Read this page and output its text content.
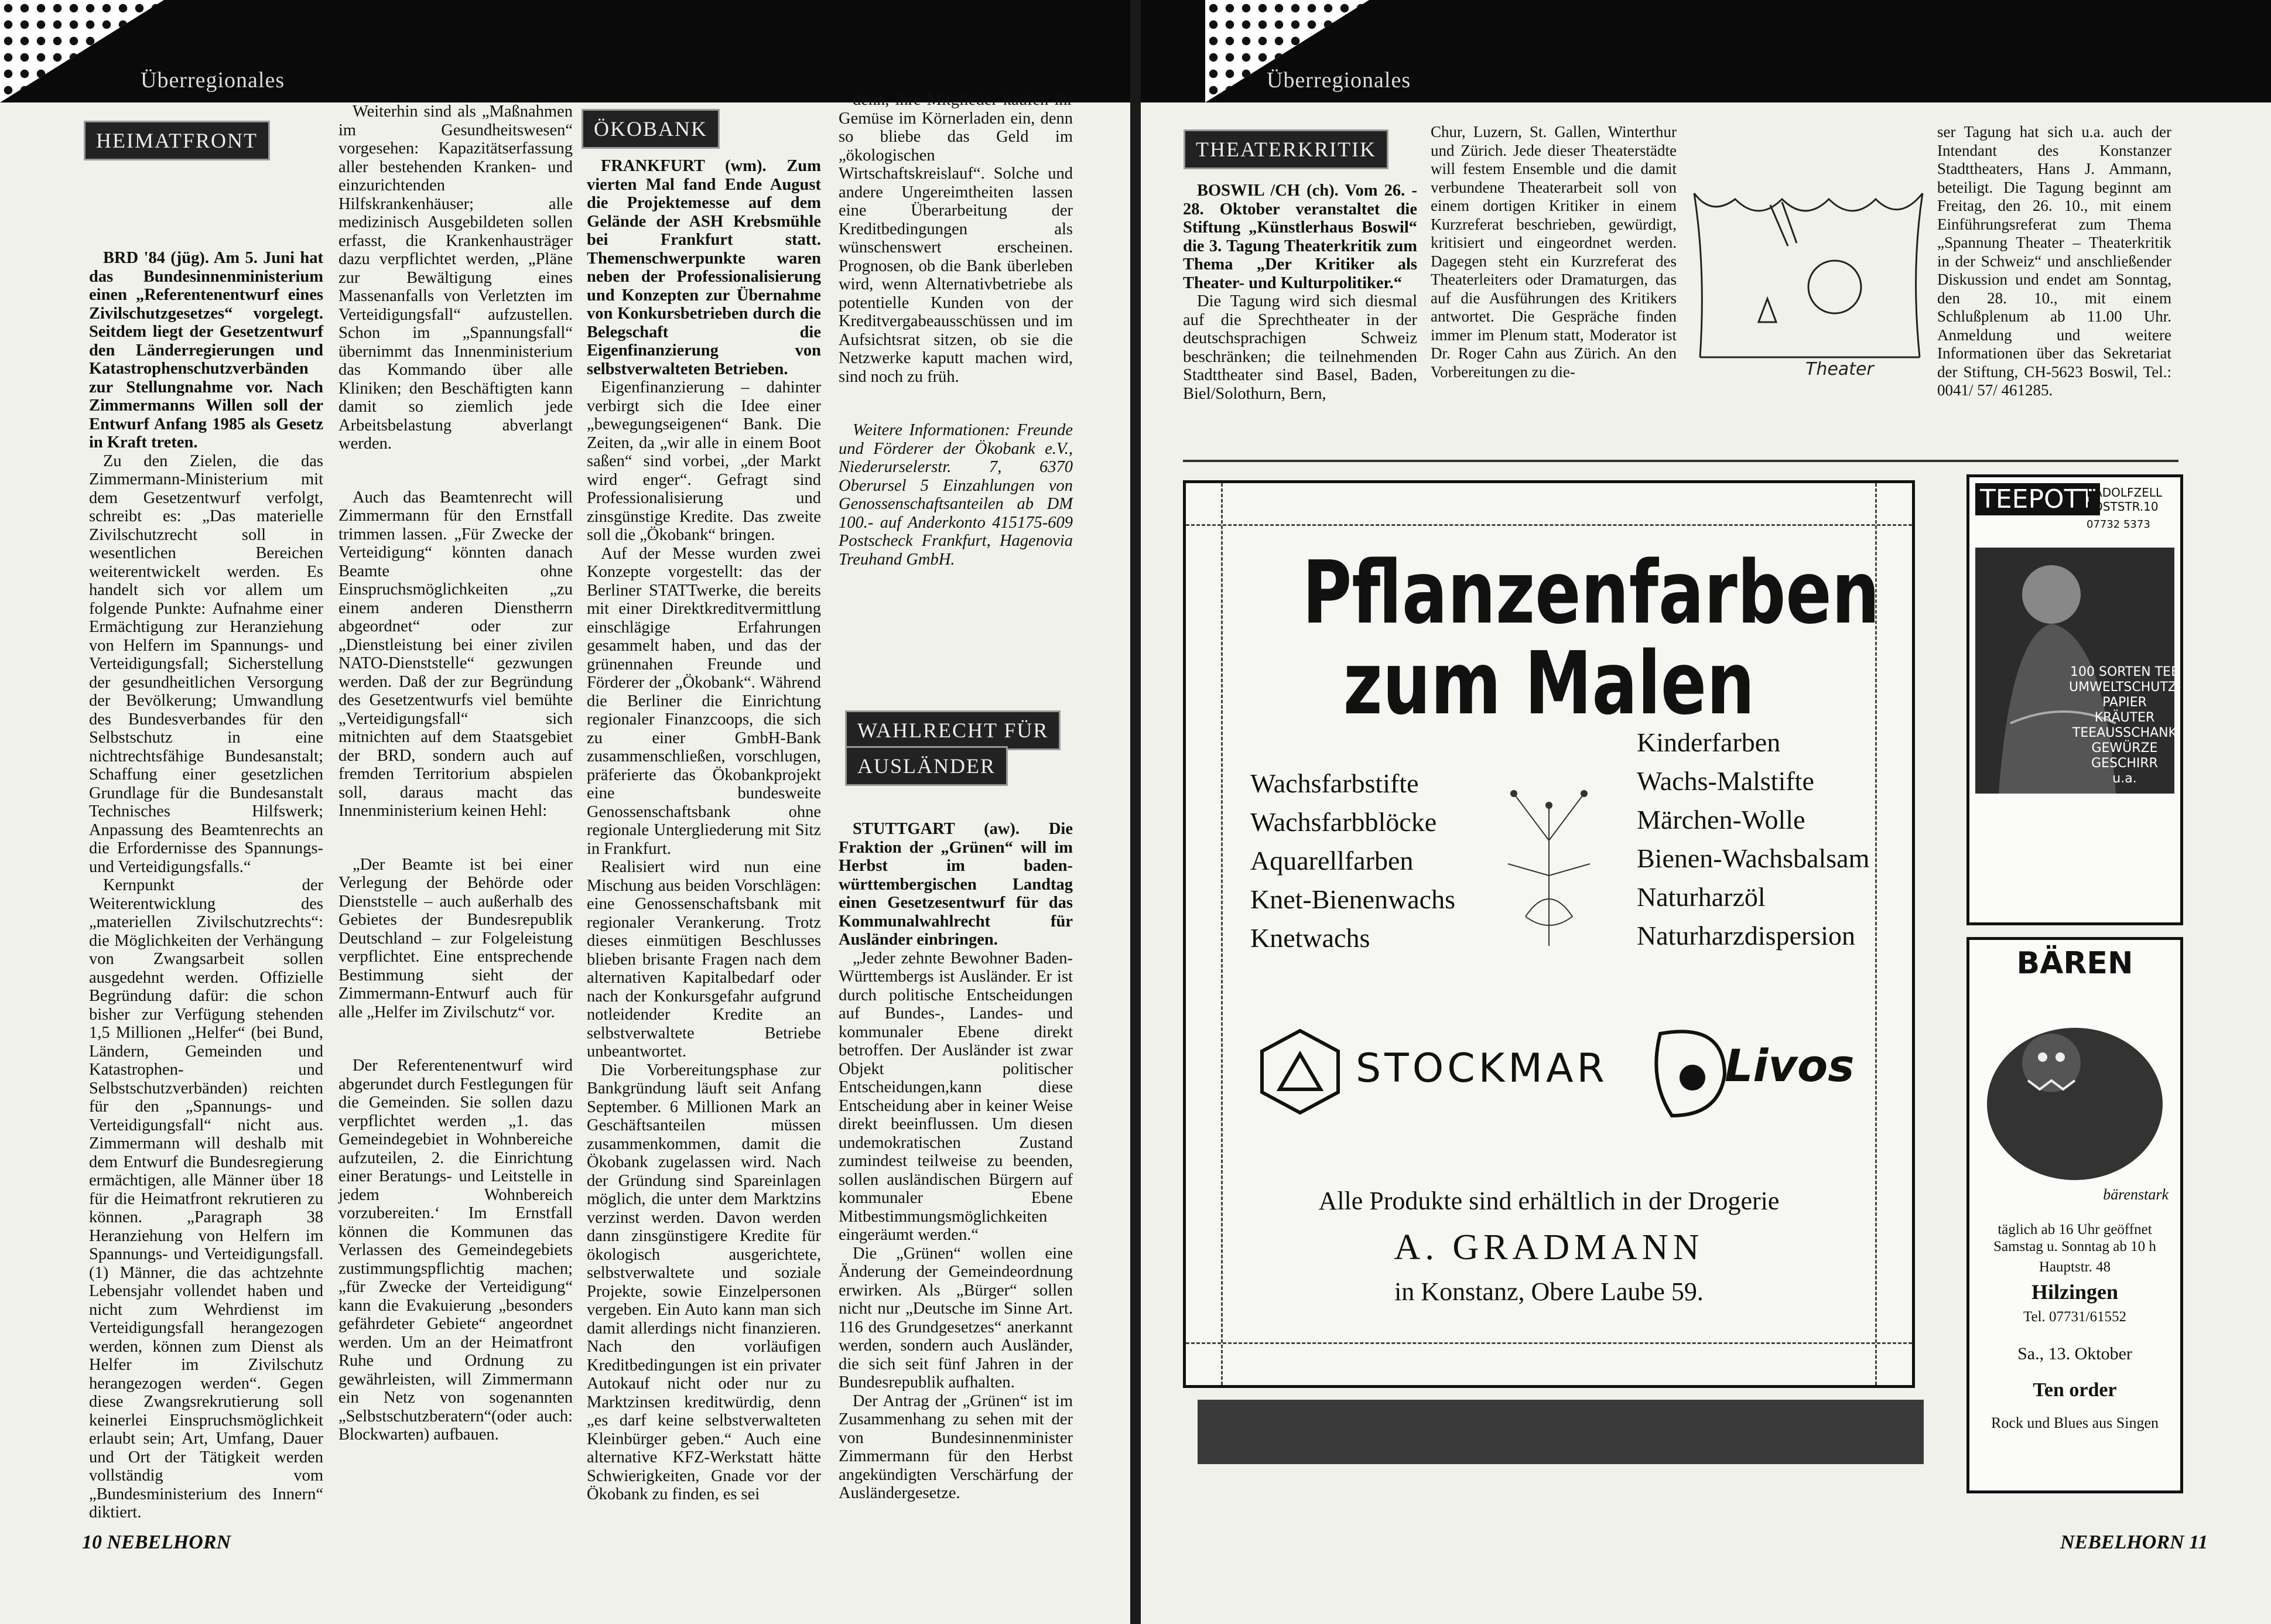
Überregionales
HEIMATFRONT

BRD '84 (jüg). Am 5. Juni hat das Bundesinnenministerium einen „Referentenentwurf eines Zivilschutzgesetzes“ vorgelegt. Seitdem liegt der Gesetzentwurf den Länderregierungen und Katastrophenschutzverbänden zur Stellungnahme vor. Nach Zimmermanns Willen soll der Entwurf Anfang 1985 als Gesetz in Kraft treten.

Zu den Zielen, die das Zimmermann-Ministerium mit dem Gesetzentwurf verfolgt, schreibt es: „Das materielle Zivilschutzrecht soll in wesentlichen Bereichen weiterentwickelt werden. Es handelt sich vor allem um folgende Punkte: Aufnahme einer Ermächtigung zur Heranziehung von Helfern im Spannungs- und Verteidigungsfall; Sicherstellung der gesundheitlichen Versorgung der Bevölkerung; Umwandlung des Bundesverbandes für den Selbstschutz in eine nichtrechtsfähige Bundesanstalt; Schaffung einer gesetzlichen Grundlage für die Bundesanstalt Technisches Hilfswerk; Anpassung des Beamtenrechts an die Erfordernisse des Spannungs- und Verteidigungsfalls.“

Kernpunkt der Weiterentwicklung des „materiellen Zivilschutzrechts“: die Möglichkeiten der Verhängung von Zwangsarbeit sollen ausgedehnt werden. Offizielle Begründung dafür: die schon bisher zur Verfügung stehenden 1,5 Millionen „Helfer“ (bei Bund, Ländern, Gemeinden und Katastrophen- und Selbstschutzverbänden) reichten für den „Spannungs- und Verteidigungsfall“ nicht aus. Zimmermann will deshalb mit dem Entwurf die Bundesregierung ermächtigen, alle Männer über 18 für die Heimatfront rekrutieren zu können. „Paragraph 38 Heranziehung von Helfern im Spannungs- und Verteidigungsfall. (1) Männer, die das achtzehnte Lebensjahr vollendet haben und nicht zum Wehrdienst im Verteidigungsfall herangezogen werden, können zum Dienst als Helfer im Zivilschutz herangezogen werden“. Gegen diese Zwangsrekrutierung soll keinerlei Einspruchsmöglichkeit erlaubt sein; Art, Umfang, Dauer und Ort der Tätigkeit werden vollständig vom „Bundesministerium des Innern“ diktiert.

Weiterhin sind als „Maßnahmen im Gesundheitswesen“ vorgesehen: Kapazitätserfassung aller bestehenden Kranken- und einzurichtenden Hilfskrankenhäuser; alle medizinisch Ausgebildeten sollen erfasst, die Krankenhausträger dazu verpflichtet werden, „Pläne zur Bewältigung eines Massenanfalls von Verletzten im Verteidigungsfall“ aufzustellen. Schon im „Spannungsfall“ übernimmt das Innenministerium das Kommando über alle Kliniken; den Beschäftigten kann damit so ziemlich jede Arbeitsbelastung abverlangt werden.

Auch das Beamtenrecht will Zimmermann für den Ernstfall trimmen lassen. „Für Zwecke der Verteidigung“ könnten danach Beamte ohne Einspruchsmöglichkeiten „zu einem anderen Dienstherrn abgeordnet“ oder zur „Dienstleistung bei einer zivilen NATO-Dienststelle“ gezwungen werden. Daß der zur Begründung des Gesetzentwurfs viel bemühte „Verteidigungsfall“ sich mitnichten auf dem Staatsgebiet der BRD, sondern auch auf fremden Territorium abspielen soll, daraus macht das Innenministerium keinen Hehl:

„Der Beamte ist bei einer Verlegung der Behörde oder Dienststelle – auch außerhalb des Gebietes der Bundesrepublik Deutschland – zur Folgeleistung verpflichtet. Eine entsprechende Bestimmung sieht der Zimmermann-Entwurf auch für alle „Helfer im Zivilschutz“ vor.

Der Referentenentwurf wird abgerundet durch Festlegungen für die Gemeinden. Sie sollen dazu verpflichtet werden „1. das Gemeindegebiet in Wohnbereiche aufzuteilen, 2. die Einrichtung einer Beratungs- und Leitstelle in jedem Wohnbereich vorzubereiten.‘ Im Ernstfall können die Kommunen das Verlassen des Gemeindegebiets zustimmungspflichtig machen; „für Zwecke der Verteidigung“ kann die Evakuierung „besonders gefährdeter Gebiete“ angeordnet werden. Um an der Heimatfront Ruhe und Ordnung zu gewährleisten, will Zimmermann ein Netz von sogenannten „Selbstschutzberatern“(oder auch: Blockwarten) aufbauen.

ÖKOBANK

FRANKFURT (wm). Zum vierten Mal fand Ende August die Projektemesse auf dem Gelände der ASH Krebsmühle bei Frankfurt statt. Themenschwerpunkte waren neben der Professionalisierung und Konzepten zur Übernahme von Konkursbetrieben durch die Belegschaft die Eigenfinanzierung von selbstverwalteten Betrieben.

Eigenfinanzierung – dahinter verbirgt sich die Idee einer „bewegungseigenen“ Bank. Die Zeiten, da „wir alle in einem Boot saßen“ sind vorbei, „der Markt wird enger“. Gefragt sind Professionalisierung und zinsgünstige Kredite. Das zweite soll die „Ökobank“ bringen.

Auf der Messe wurden zwei Konzepte vorgestellt: das der Berliner STATTwerke, die bereits mit einer Direktkreditvermittlung einschlägige Erfahrungen gesammelt haben, und das der grünennahen Freunde und Förderer der „Ökobank“. Während die Berliner die Einrichtung regionaler Finanzcoops, die sich zu einer GmbH-Bank zusammenschließen, vorschlugen, präferierte das Ökobankprojekt eine bundesweite Genossenschaftsbank ohne regionale Untergliederung mit Sitz in Frankfurt.

Realisiert wird nun eine Mischung aus beiden Vorschlägen: eine Genossenschaftsbank mit regionaler Verankerung. Trotz dieses einmütigen Beschlusses blieben brisante Fragen nach dem alternativen Kapitalbedarf oder nach der Konkursgefahr aufgrund notleidender Kredite an selbstverwaltete Betriebe unbeantwortet.

Die Vorbereitungsphase zur Bankgründung läuft seit Anfang September. 6 Millionen Mark an Geschäftsanteilen müssen zusammenkommen, damit die Ökobank zugelassen wird. Nach der Gründung sind Spareinlagen möglich, die unter dem Marktzins verzinst werden. Davon werden dann zinsgünstigere Kredite für ökologisch ausgerichtete, selbstverwaltete und soziale Projekte, sowie Einzelpersonen vergeben. Ein Auto kann man sich damit allerdings nicht finanzieren. Nach den vorläufigen Kreditbedingungen ist ein privater Autokauf nicht oder nur zu Marktzinsen kreditwürdig, denn „es darf keine selbstverwalteten Kleinbürger geben.“ Auch eine alternative KFZ-Werkstatt hätte Schwierigkeiten, Gnade vor der Ökobank zu finden, es sei

denn, ihre Mitglieder kaufen ihr Gemüse im Körnerladen ein, denn so bliebe das Geld im „ökologischen Wirtschaftskreislauf“. Solche und andere Ungereimtheiten lassen eine Überarbeitung der Kreditbedingungen als wünschenswert erscheinen. Prognosen, ob die Bank überleben wird, wenn Alternativbetriebe als potentielle Kunden von der Kreditvergabeausschüssen und im Aufsichtsrat sitzen, ob sie die Netzwerke kaputt machen wird, sind noch zu früh.

Weitere Informationen: Freunde und Förderer der Ökobank e.V., Niederurselerstr. 7, 6370 Oberursel 5 Einzahlungen von Genossenschaftsanteilen ab DM 100.- auf Anderkonto 415175-609 Postscheck Frankfurt, Hagenovia Treuhand GmbH.

WAHLRECHT FÜR
AUSLÄNDER

STUTTGART (aw). Die Fraktion der „Grünen“ will im Herbst im baden-württembergischen Landtag einen Gesetzesentwurf für das Kommunalwahlrecht für Ausländer einbringen.

„Jeder zehnte Bewohner Baden-Württembergs ist Ausländer. Er ist durch politische Entscheidungen auf Bundes-, Landes- und kommunaler Ebene direkt betroffen. Der Ausländer ist zwar Objekt politischer Entscheidungen,kann diese Entscheidung aber in keiner Weise direkt beeinflussen. Um diesen undemokratischen Zustand zumindest teilweise zu beenden, sollen ausländischen Bürgern auf kommunaler Ebene Mitbestimmungsmöglichkeiten eingeräumt werden.“

Die „Grünen“ wollen eine Änderung der Gemeindeordnung erwirken. Als „Bürger“ sollen nicht nur „Deutsche im Sinne Art. 116 des Grundgesetzes“ anerkannt werden, sondern auch Ausländer, die sich seit fünf Jahren in der Bundesrepublik aufhalten.

Der Antrag der „Grünen“ ist im Zusammenhang zu sehen mit der von Bundesinnenminister Zimmermann für den Herbst angekündigten Verschärfung der Ausländergesetze.

10 NEBELHORN
Überregionales
THEATERKRITIK

BOSWIL /CH (ch). Vom 26. - 28. Oktober veranstaltet die Stiftung „Künstlerhaus Boswil“ die 3. Tagung Theaterkritik zum Thema „Der Kritiker als Theater- und Kulturpolitiker.“

Die Tagung wird sich diesmal auf die Sprechtheater in der deutschsprachigen Schweiz beschränken; die teilnehmenden Stadttheater sind Basel, Baden, Biel/Solothurn, Bern,

Chur, Luzern, St. Gallen, Winterthur und Zürich. Jede dieser Theaterstädte will festem Ensemble und die damit verbundene Theaterarbeit soll von einem dortigen Kritiker in einem Kurzreferat beschrieben, gewürdigt, kritisiert und eingeordnet werden. Dagegen steht ein Kurzreferat des Theaterleiters oder Dramaturgen, das auf die Ausführungen des Kritikers antwortet. Die Gespräche finden immer im Plenum statt, Moderator ist Dr. Roger Cahn aus Zürich. An den Vorbereitungen zu die-

ser Tagung hat sich u.a. auch der Intendant des Konstanzer Stadttheaters, Hans J. Ammann, beteiligt. Die Tagung beginnt am Freitag, den 26. 10., mit einem Einführungsreferat zum Thema „Spannung Theater – Theaterkritik in der Schweiz“ und anschließender Diskussion und endet am Sonntag, den 28. 10., mit einem Schlußplenum ab 11.00 Uhr. Anmeldung und weitere Informationen über das Sekretariat der Stiftung, CH-5623 Boswil, Tel.: 0041/ 57/ 461285.

Theater
Pflanzenfarben
zum Malen
Wachsfarbstifte
Wachsfarbblöcke
Aquarellfarben
Knet-Bienenwachs
Knetwachs
Kinderfarben
Wachs-Malstifte
Märchen-Wolle
Bienen-Wachsbalsam
Naturharzöl
Naturharzdispersion
STOCKMAR	Livos
Alle Produkte sind erhältlich in der Drogerie
A. GRADMANN
in Konstanz, Obere Laube 59.
TEEPOTT
RADOLFZELL POSTSTR.10
07732 5373
100 SORTEN TEE
UMWELTSCHUTZ-PAPIER
KRÄUTER
TEEAUSSCHANK
GEWÜRZE
GESCHIRR
u.a.
BÄREN
bärenstark
täglich ab 16 Uhr geöffnet Samstag u. Sonntag ab 10 h
Hauptstr. 48
Hilzingen
Tel. 07731/61552
Sa., 13. Oktober
Ten order
Rock und Blues aus Singen
NEBELHORN 11
